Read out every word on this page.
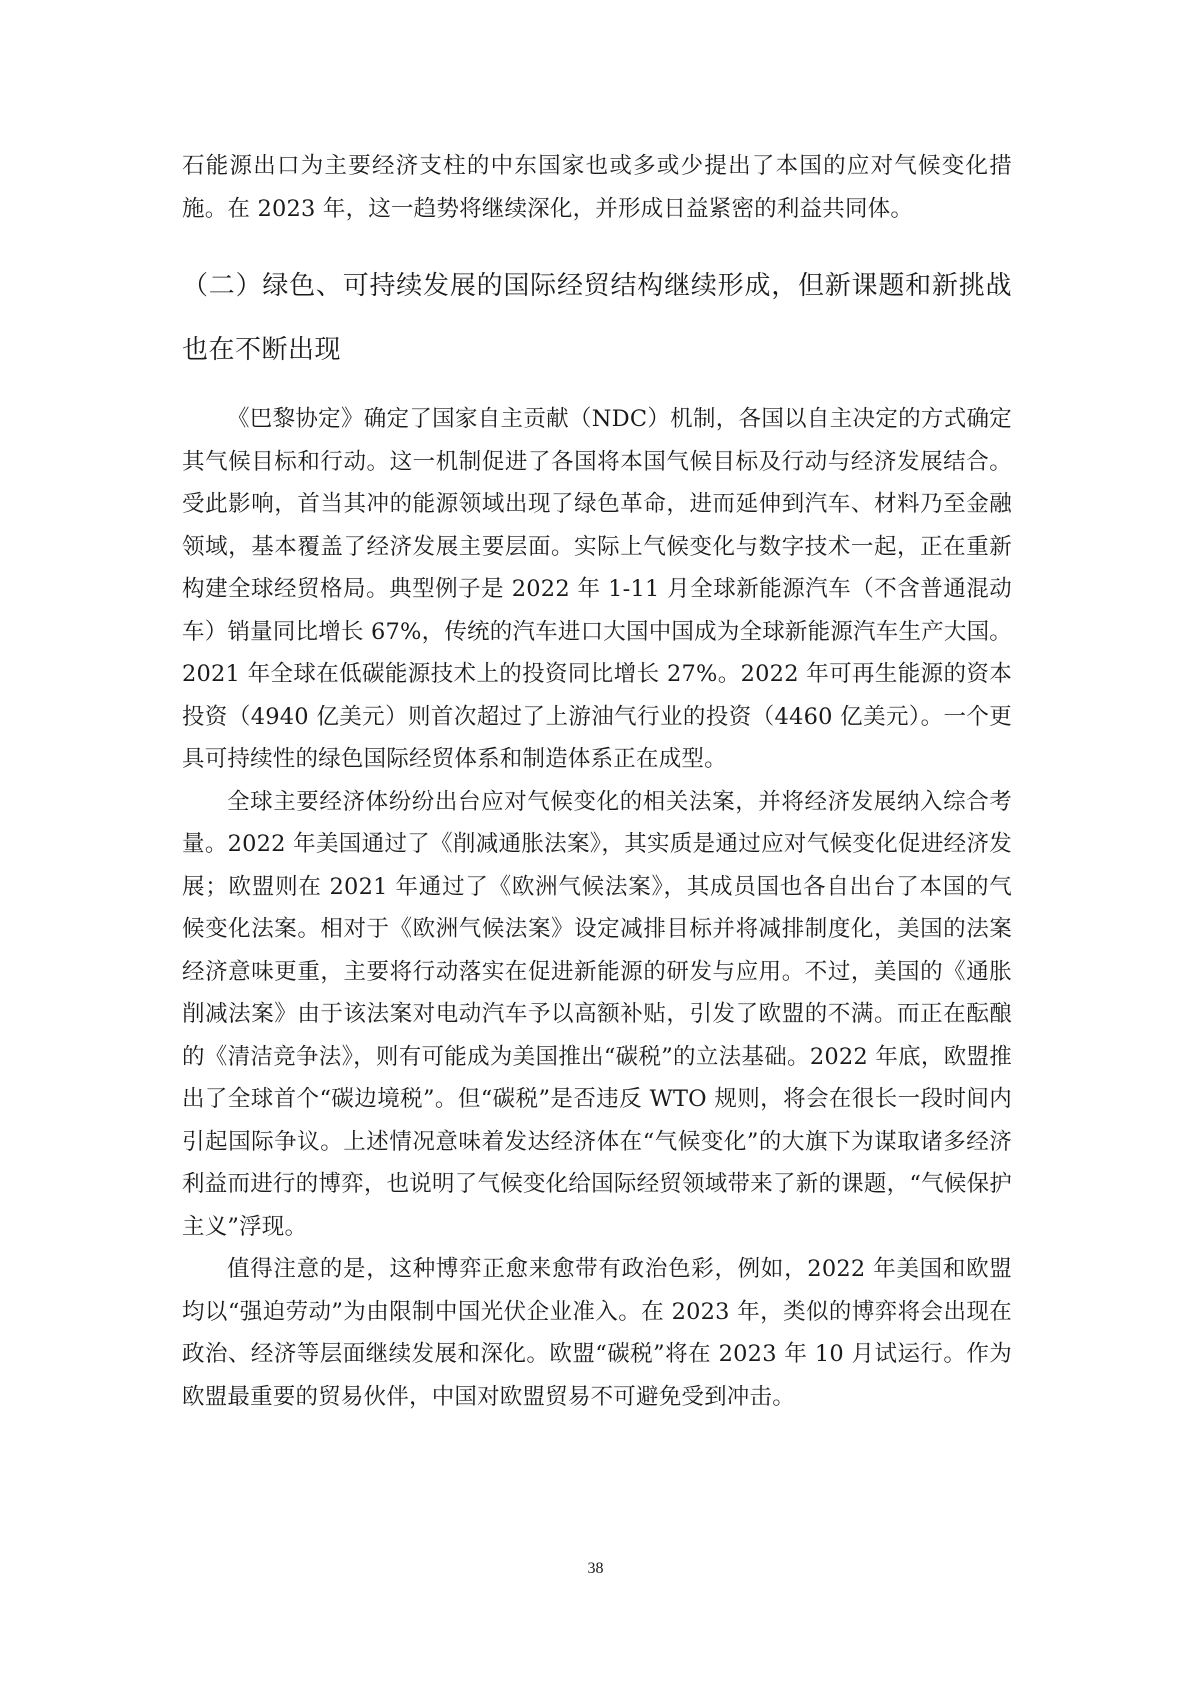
石能源出口为主要经济支柱的中东国家也或多或少提出了本国的应对气候变化措施。在 2023 年，这一趋势将继续深化，并形成日益紧密的利益共同体。

（二）绿色、可持续发展的国际经贸结构继续形成，但新课题和新挑战也在不断出现

《巴黎协定》确定了国家自主贡献（NDC）机制，各国以自主决定的方式确定其气候目标和行动。这一机制促进了各国将本国气候目标及行动与经济发展结合。受此影响，首当其冲的能源领域出现了绿色革命，进而延伸到汽车、材料乃至金融领域，基本覆盖了经济发展主要层面。实际上气候变化与数字技术一起，正在重新构建全球经贸格局。典型例子是 2022 年 1-11 月全球新能源汽车（不含普通混动车）销量同比增长 67%，传统的汽车进口大国中国成为全球新能源汽车生产大国。2021 年全球在低碳能源技术上的投资同比增长 27%。2022 年可再生能源的资本投资（4940 亿美元）则首次超过了上游油气行业的投资（4460 亿美元）。一个更具可持续性的绿色国际经贸体系和制造体系正在成型。

全球主要经济体纷纷出台应对气候变化的相关法案，并将经济发展纳入综合考量。2022 年美国通过了《削减通胀法案》，其实质是通过应对气候变化促进经济发展；欧盟则在 2021 年通过了《欧洲气候法案》，其成员国也各自出台了本国的气候变化法案。相对于《欧洲气候法案》设定减排目标并将减排制度化，美国的法案经济意味更重，主要将行动落实在促进新能源的研发与应用。不过，美国的《通胀削减法案》由于该法案对电动汽车予以高额补贴，引发了欧盟的不满。而正在酝酿的《清洁竞争法》，则有可能成为美国推出“碳税”的立法基础。2022 年底，欧盟推出了全球首个“碳边境税”。但“碳税”是否违反 WTO 规则，将会在很长一段时间内引起国际争议。上述情况意味着发达经济体在“气候变化”的大旗下为谋取诸多经济利益而进行的博弈，也说明了气候变化给国际经贸领域带来了新的课题，“气候保护主义”浮现。

值得注意的是，这种博弈正愈来愈带有政治色彩，例如，2022 年美国和欧盟均以“强迫劳动”为由限制中国光伏企业准入。在 2023 年，类似的博弈将会出现在政治、经济等层面继续发展和深化。欧盟“碳税”将在 2023 年 10 月试运行。作为欧盟最重要的贸易伙伴，中国对欧盟贸易不可避免受到冲击。

38
